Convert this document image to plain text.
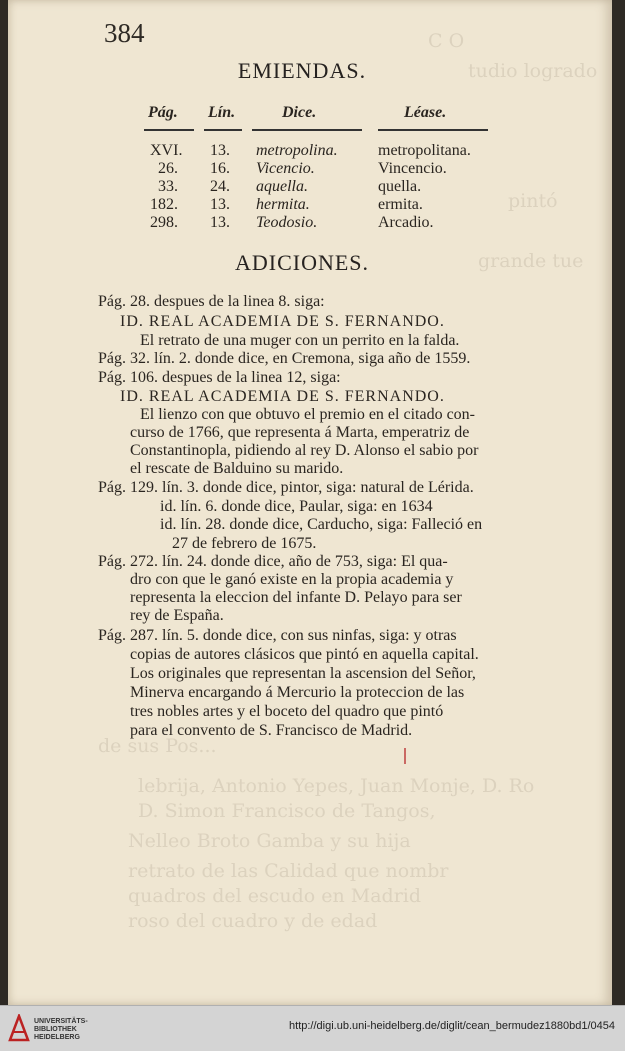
C O
tudio logrado
pintó
grande tue
de sus Pos...
lebrija, Antonio Yepes, Juan Monje, D. Ro
D. Simon Francisco de Tangos,
Nelleo Broto Gamba y su hija
retrato de las Calidad que nombr
quadros del escudo en Madrid
roso del cuadro y de edad
384
EMIENDAS.
Pág. Lín.	Dice.	Léase.
XVI. 13. metropolina.	metropolitana.
26. 16. Vicencio.	Vincencio.
33. 24. aquella.	quella.
182. 13. hermita.	ermita.
298. 13. Teodosio.	Arcadio.
ADICIONES.
Pág. 28. despues de la linea 8. siga:
ID. REAL ACADEMIA DE S. FERNANDO.
El retrato de una muger con un perrito en la falda.
Pág. 32. lín. 2. donde dice, en Cremona, siga año de 1559.
Pág. 106. despues de la linea 12, siga:
ID. REAL ACADEMIA DE S. FERNANDO.
El lienzo con que obtuvo el premio en el citado con-
curso de 1766, que representa á Marta, emperatriz de
Constantinopla, pidiendo al rey D. Alonso el sabio por
el rescate de Balduino su marido.
Pág. 129. lín. 3. donde dice, pintor, siga: natural de Lérida.
id. lín. 6. donde dice, Paular, siga: en 1634
id. lín. 28. donde dice, Carducho, siga: Falleció en
27 de febrero de 1675.
Pág. 272. lín. 24. donde dice, año de 753, siga: El qua-
dro con que le ganó existe en la propia academia y
representa la eleccion del infante D. Pelayo para ser
rey de España.
Pág. 287. lín. 5. donde dice, con sus ninfas, siga: y otras
copias de autores clásicos que pintó en aquella capital.
Los originales que representan la ascension del Señor,
Minerva encargando á Mercurio la proteccion de las
tres nobles artes y el boceto del quadro que pintó
para el convento de S. Francisco de Madrid.
UNIVERSITÄTS-
BIBLIOTHEK
HEIDELBERG
http://digi.ub.uni-heidelberg.de/diglit/cean_bermudez1880bd1/0454
